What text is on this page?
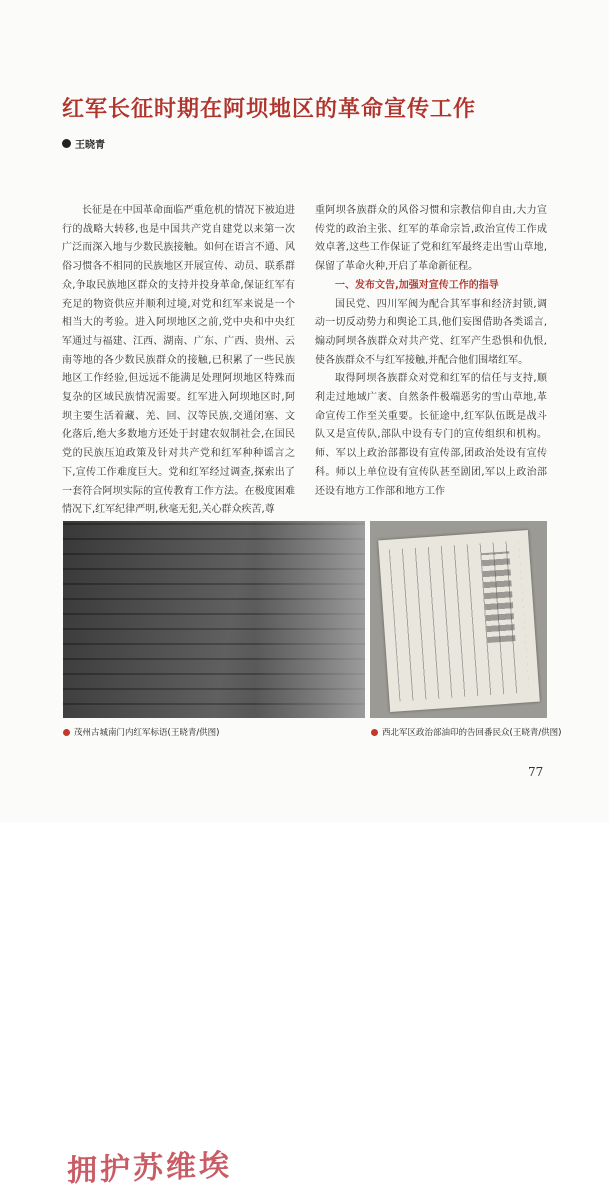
红军长征时期在阿坝地区的革命宣传工作
王晓青

长征是在中国革命面临严重危机的情况下被迫进行的战略大转移,也是中国共产党自建党以来第一次广泛而深入地与少数民族接触。如何在语言不通、风俗习惯各不相同的民族地区开展宣传、动员、联系群众,争取民族地区群众的支持并投身革命,保证红军有充足的物资供应并顺利过境,对党和红军来说是一个相当大的考验。进入阿坝地区之前,党中央和中央红军通过与福建、江西、湖南、广东、广西、贵州、云南等地的各少数民族群众的接触,已积累了一些民族地区工作经验,但远远不能满足处理阿坝地区特殊而复杂的区域民族情况需要。红军进入阿坝地区时,阿坝主要生活着藏、羌、回、汉等民族,交通闭塞、文化落后,绝大多数地方还处于封建农奴制社会,在国民党的民族压迫政策及针对共产党和红军种种谣言之下,宣传工作难度巨大。党和红军经过调查,探索出了一套符合阿坝实际的宣传教育工作方法。在极度困难情况下,红军纪律严明,秋毫无犯,关心群众疾苦,尊

重阿坝各族群众的风俗习惯和宗教信仰自由,大力宣传党的政治主张、红军的革命宗旨,政治宣传工作成效卓著,这些工作保证了党和红军最终走出雪山草地,保留了革命火种,开启了革命新征程。

一、发布文告,加强对宣传工作的指导

国民党、四川军阀为配合其军事和经济封锁,调动一切反动势力和舆论工具,他们妄图借助各类谣言,煽动阿坝各族群众对共产党、红军产生恐惧和仇恨,使各族群众不与红军接触,并配合他们围堵红军。

取得阿坝各族群众对党和红军的信任与支持,顺利走过地域广袤、自然条件极端恶劣的雪山草地,革命宣传工作至关重要。长征途中,红军队伍既是战斗队又是宣传队,部队中设有专门的宣传组织和机构。师、军以上政治部都设有宣传部,团政治处设有宣传科。师以上单位设有宣传队甚至剧团,军以上政治部还设有地方工作部和地方工作

拥护苏维埃
茂州古城南门内红军标语(王晓青/供图)	西北军区政治部油印的告回番民众(王晓青/供图)
77
